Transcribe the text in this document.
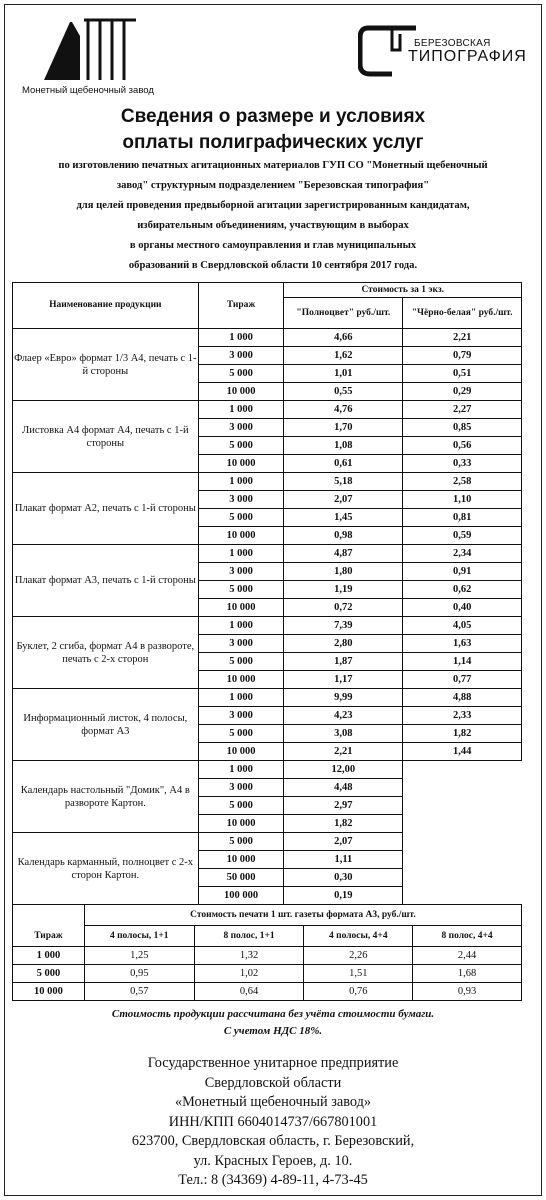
Монетный щебеночный завод
БЕРЕЗОВСКАЯ
ТИПОГРАФИЯ
Сведения о размере и условиях
оплаты полиграфических услуг
по изготовлению печатных агитационных материалов ГУП СО "Монетный щебеночный
завод" структурным подразделением "Березовская типография"
для целей проведения предвыборной агитации зарегистрированным кандидатам,
избирательным объединениям, участвующим в выборах
в органы местного самоуправления и глав муниципальных
образований в Свердловской области 10 сентября 2017 года.
Наименование продукции	Тираж	Стоимость за 1 экз.	
		"Полноцвет" руб./шт.	"Чёрно-белая" руб./шт.
Флаер «Евро» формат 1/3 А4, печать с 1-й стороны	1 000	4,66	2,21
	3 000	1,62	0,79
	5 000	1,01	0,51
	10 000	0,55	0,29
Листовка А4 формат А4, печать с 1-й стороны	1 000	4,76	2,27
	3 000	1,70	0,85
	5 000	1,08	0,56
	10 000	0,61	0,33
Плакат формат А2, печать с 1-й стороны	1 000	5,18	2,58
	3 000	2,07	1,10
	5 000	1,45	0,81
	10 000	0,98	0,59
Плакат формат А3, печать с 1-й стороны	1 000	4,87	2,34
	3 000	1,80	0,91
	5 000	1,19	0,62
	10 000	0,72	0,40
Буклет, 2 сгиба, формат А4 в развороте, печать с 2-х сторон	1 000	7,39	4,05
	3 000	2,80	1,63
	5 000	1,87	1,14
	10 000	1,17	0,77
Информационный листок, 4 полосы, формат А3	1 000	9,99	4,88
	3 000	4,23	2,33
	5 000	3,08	1,82
	10 000	2,21	1,44
Календарь настольный "Домик", А4 в развороте Картон.	1 000	12,00	
	3 000	4,48	
	5 000	2,97	
	10 000	1,82	
Календарь карманный, полноцвет с 2-х сторон Картон.	5 000	2,07	
	10 000	1,11	
	50 000	0,30	
	100 000	0,19	
	Стоимость печати 1 шт. газеты формата А3, руб./шт.			
Тираж	4 полосы, 1+1	8 полос, 1+1	4 полосы, 4+4	8 полос, 4+4
1 000	1,25	1,32	2,26	2,44
5 000	0,95	1,02	1,51	1,68
10 000	0,57	0,64	0,76	0,93
Стоимость продукции рассчитана без учёта стоимости бумаги.
С учетом НДС 18%.
Государственное унитарное предприятие
Свердловской области
«Монетный щебеночный завод»
ИНН/КПП 6604014737/667801001
623700, Свердловская область, г. Березовский,
ул. Красных Героев, д. 10.
Тел.: 8 (34369) 4-89-11, 4-73-45
